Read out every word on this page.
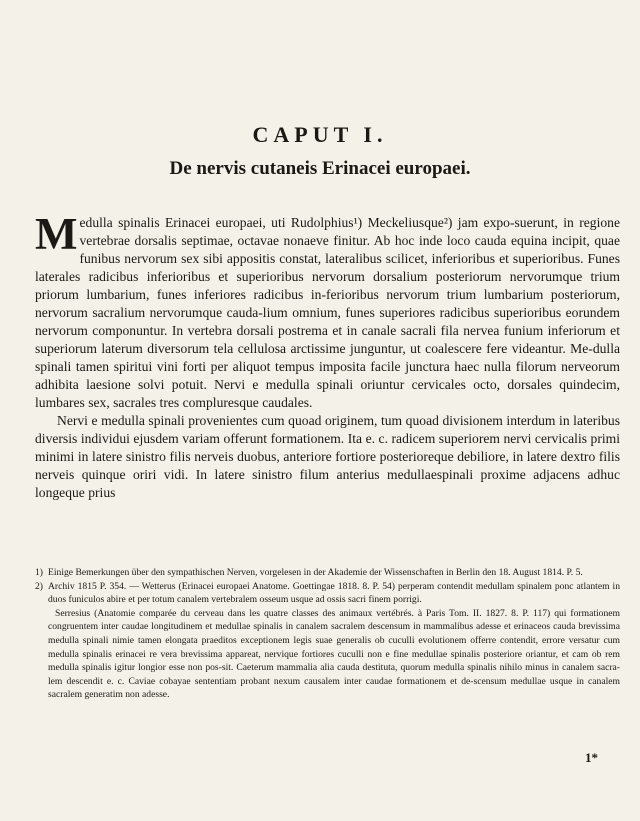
CAPUT I.
De nervis cutaneis Erinacei europaei.

Medulla spinalis Erinacei europaei, uti Rudolphius¹) Meckeliusque²) jam expo-suerunt, in regione vertebrae dorsalis septimae, octavae nonaeve finitur. Ab hoc inde loco cauda equina incipit, quae funibus nervorum sex sibi appositis constat, lateralibus scilicet, inferioribus et superioribus. Funes laterales radicibus inferioribus et superioribus nervorum dorsalium posteriorum nervorumque trium priorum lumbarium, funes inferiores radicibus in-ferioribus nervorum trium lumbarium posteriorum, nervorum sacralium nervorumque cauda-lium omnium, funes superiores radicibus superioribus eorundem nervorum componuntur. In vertebra dorsali postrema et in canale sacrali fila nervea funium inferiorum et superiorum laterum diversorum tela cellulosa arctissime junguntur, ut coalescere fere videantur. Me-dulla spinali tamen spiritui vini forti per aliquot tempus imposita facile junctura haec nulla filorum nerveorum adhibita laesione solvi potuit. Nervi e medulla spinali oriuntur cervicales octo, dorsales quindecim, lumbares sex, sacrales tres compluresque caudales.

Nervi e medulla spinali provenientes cum quoad originem, tum quoad divisionem interdum in lateribus diversis individui ejusdem variam offerunt formationem. Ita e. c. radicem superiorem nervi cervicalis primi minimi in latere sinistro filis nerveis duobus, anteriore fortiore posterioreque debiliore, in latere dextro filis nerveis quinque oriri vidi. In latere sinistro filum anterius medullaespinali proxime adjacens adhuc longeque prius

1) Einige Bemerkungen über den sympathischen Nerven, vorgelesen in der Akademie der Wissenschaften in Berlin den 18. August 1814. P. 5.

2) Archiv 1815 P. 354. — Wetterus (Erinacei europaei Anatome. Goettingae 1818. 8. P. 54) perperam contendit medullam spinalem ponc atlantem in duos funiculos abire et per totum canalem vertebralem osseum usque ad ossis sacri finem porrigi.

Serresius (Anatomie comparée du cerveau dans les quatre classes des animaux vertébrés. à Paris Tom. II. 1827. 8. P. 117) qui formationem congruentem inter caudae longitudinem et medullae spinalis in canalem sacralem descensum in mammalibus adesse et erinaceos cauda brevissima medulla spinali nimie tamen elongata praeditos exceptionem legis suae generalis ob cuculli evolutionem offerre contendit, errore versatur cum medulla spinalis erinacei re vera brevissima appareat, nervique fortiores cuculli non e fine medullae spinalis posteriore oriantur, et cam ob rem medulla spinalis igitur longior esse non pos-sit. Caeterum mammalia alia cauda destituta, quorum medulla spinalis nihilo minus in canalem sacra-lem descendit e. c. Caviae cobayae sententiam probant nexum causalem inter caudae formationem et de-scensum medullae usque in canalem sacralem generatim non adesse.

1*
